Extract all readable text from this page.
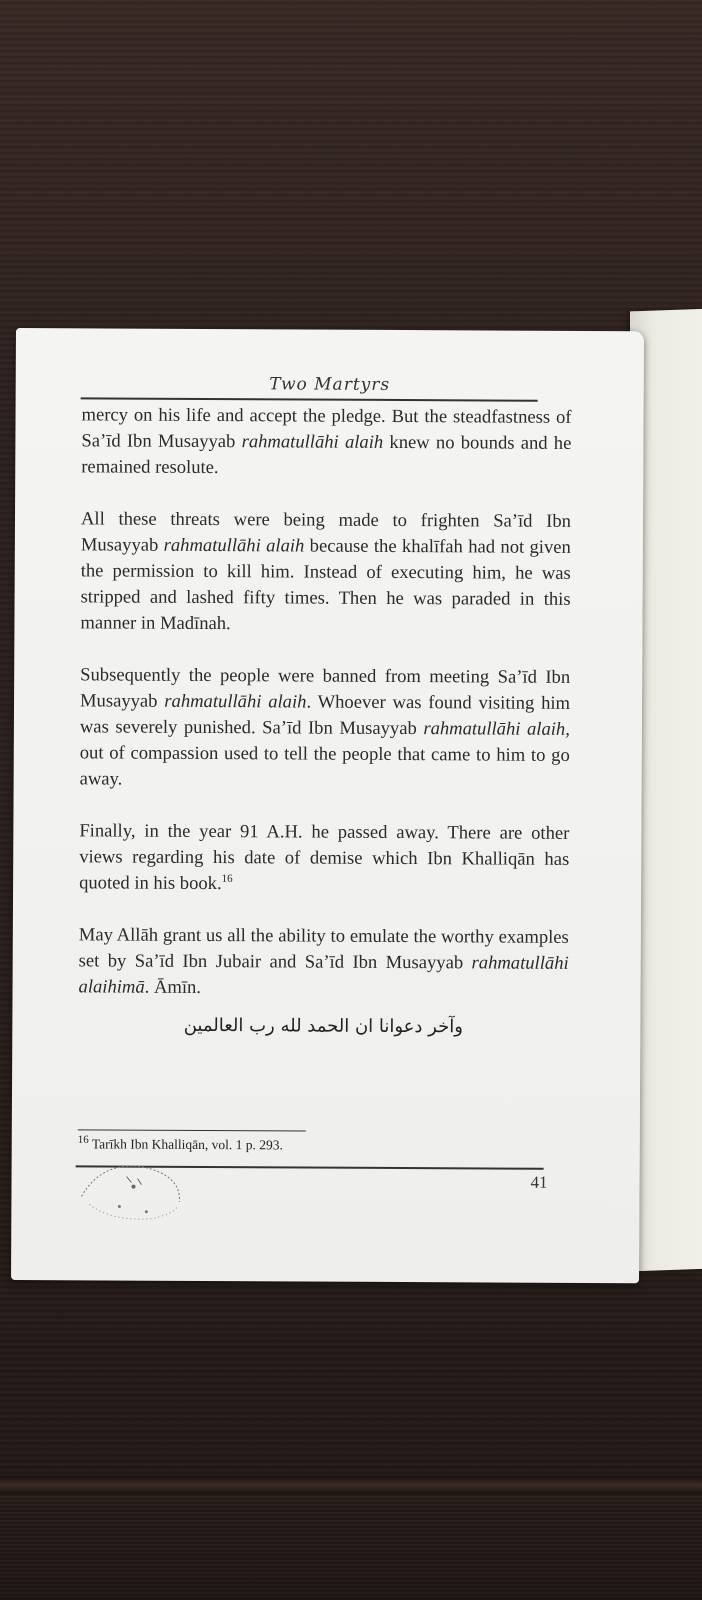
Two Martyrs

mercy on his life and accept the pledge. But the steadfastness of Sa’īd Ibn Musayyab rahmatullāhi alaih knew no bounds and he remained resolute.

All these threats were being made to frighten Sa’īd Ibn Musayyab rahmatullāhi alaih because the khalīfah had not given the permission to kill him. Instead of executing him, he was stripped and lashed fifty times. Then he was paraded in this manner in Madīnah.

Subsequently the people were banned from meeting Sa’īd Ibn Musayyab rahmatullāhi alaih. Whoever was found visiting him was severely punished. Sa’īd Ibn Musayyab rahmatullāhi alaih, out of compassion used to tell the people that came to him to go away.

Finally, in the year 91 A.H. he passed away. There are other views regarding his date of demise which Ibn Khalliqān has quoted in his book.$^{16}$

May Allāh grant us all the ability to emulate the worthy examples set by Sa’īd Ibn Jubair and Sa’īd Ibn Musayyab rahmatullāhi alaihimā. Āmīn.

وآخر دعوانا ان الحمد لله رب العالمين
$^{16}$ Tarīkh Ibn Khalliqān, vol. 1 p. 293.
41
